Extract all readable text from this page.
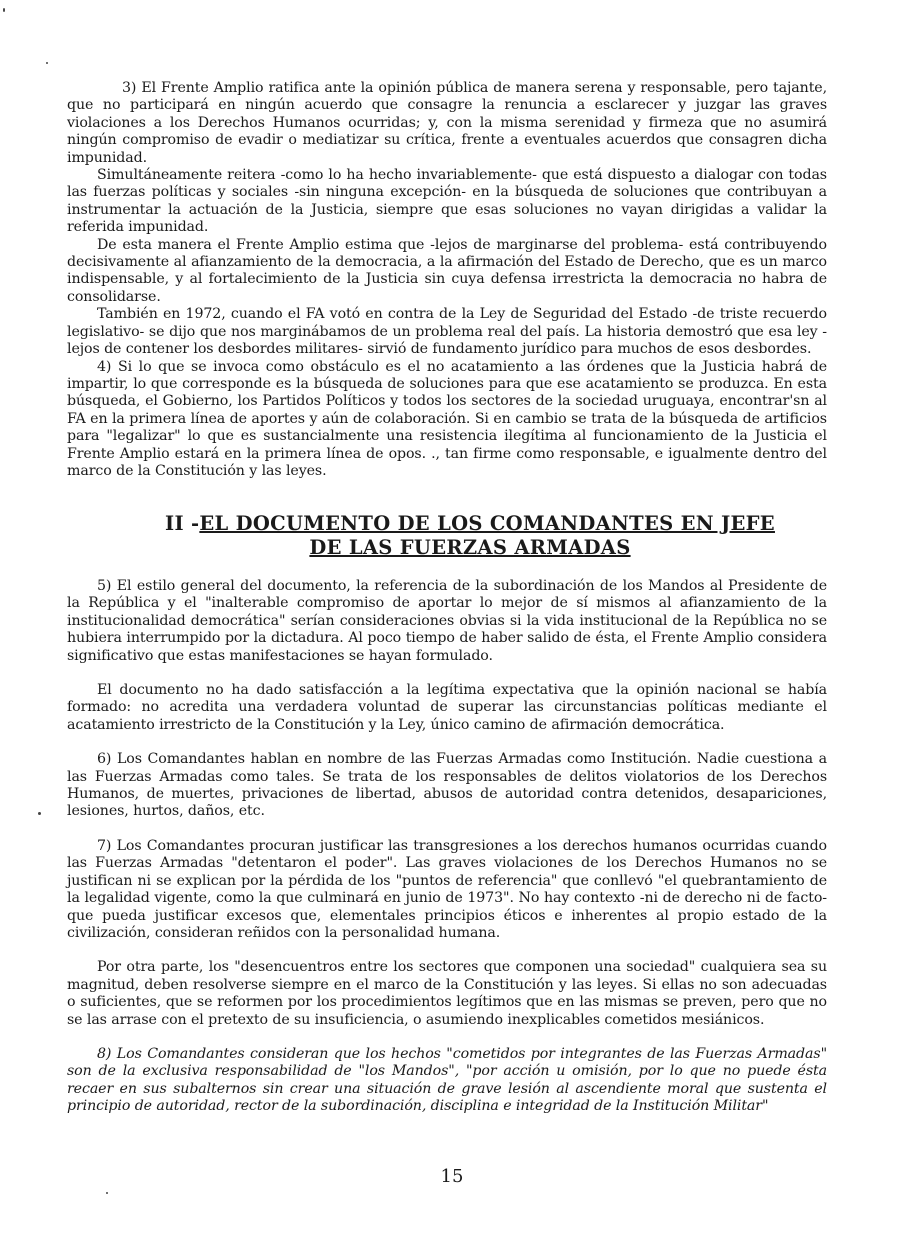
3) El Frente Amplio ratifica ante la opinión pública de manera serena y responsable, pero tajante, que no participará en ningún acuerdo que consagre la renuncia a esclarecer y juzgar las graves violaciones a los Derechos Humanos ocurridas; y, con la misma serenidad y firmeza que no asumirá ningún compromiso de evadir o mediatizar su crítica, frente a eventuales acuerdos que consagren dicha impunidad.

Simultáneamente reitera -como lo ha hecho invariablemente- que está dispuesto a dialogar con todas las fuerzas políticas y sociales -sin ninguna excepción- en la búsqueda de soluciones que contribuyan a instrumentar la actuación de la Justicia, siempre que esas soluciones no vayan dirigidas a validar la referida impunidad.

De esta manera el Frente Amplio estima que -lejos de marginarse del problema- está contribuyendo decisivamente al afianzamiento de la democracia, a la afirmación del Estado de Derecho, que es un marco indispensable, y al fortalecimiento de la Justicia sin cuya defensa irrestricta la democracia no habra de consolidarse.

También en 1972, cuando el FA votó en contra de la Ley de Seguridad del Estado -de triste recuerdo legislativo- se dijo que nos marginábamos de un problema real del país. La historia demostró que esa ley -lejos de contener los desbordes militares- sirvió de fundamento jurídico para muchos de esos desbordes.

4) Si lo que se invoca como obstáculo es el no acatamiento a las órdenes que la Justicia habrá de impartir, lo que corresponde es la búsqueda de soluciones para que ese acatamiento se produzca. En esta búsqueda, el Gobierno, los Partidos Políticos y todos los sectores de la sociedad uruguaya, encontrar'sn al FA en la primera línea de aportes y aún de colaboración. Si en cambio se trata de la búsqueda de artificios para "legalizar" lo que es sustancialmente una resistencia ilegítima al funcionamiento de la Justicia el Frente Amplio estará en la primera línea de opos. ., tan firme como responsable, e igualmente dentro del marco de la Constitución y las leyes.

II -EL DOCUMENTO DE LOS COMANDANTES EN JEFE
DE LAS FUERZAS ARMADAS

5) El estilo general del documento, la referencia de la subordinación de los Mandos al Presidente de la República y el "inalterable compromiso de aportar lo mejor de sí mismos al afianzamiento de la institucionalidad democrática" serían consideraciones obvias si la vida institucional de la República no se hubiera interrumpido por la dictadura. Al poco tiempo de haber salido de ésta, el Frente Amplio considera significativo que estas manifestaciones se hayan formulado.

El documento no ha dado satisfacción a la legítima expectativa que la opinión nacional se había formado: no acredita una verdadera voluntad de superar las circunstancias políticas mediante el acatamiento irrestricto de la Constitución y la Ley, único camino de afirmación democrática.

6) Los Comandantes hablan en nombre de las Fuerzas Armadas como Institución. Nadie cuestiona a las Fuerzas Armadas como tales. Se trata de los responsables de delitos violatorios de los Derechos Humanos, de muertes, privaciones de libertad, abusos de autoridad contra detenidos, desapariciones, lesiones, hurtos, daños, etc.

7) Los Comandantes procuran justificar las transgresiones a los derechos humanos ocurridas cuando las Fuerzas Armadas "detentaron el poder". Las graves violaciones de los Derechos Humanos no se justifican ni se explican por la pérdida de los "puntos de referencia" que conllevó "el quebrantamiento de la legalidad vigente, como la que culminará en junio de 1973". No hay contexto -ni de derecho ni de facto- que pueda justificar excesos que, elementales principios éticos e inherentes al propio estado de la civilización, consideran reñidos con la personalidad humana.

Por otra parte, los "desencuentros entre los sectores que componen una sociedad" cualquiera sea su magnitud, deben resolverse siempre en el marco de la Constitución y las leyes. Si ellas no son adecuadas o suficientes, que se reformen por los procedimientos legítimos que en las mismas se preven, pero que no se las arrase con el pretexto de su insuficiencia, o asumiendo inexplicables cometidos mesiánicos.

8) Los Comandantes consideran que los hechos "cometidos por integrantes de las Fuerzas Armadas" son de la exclusiva responsabilidad de "los Mandos", "por acción u omisión, por lo que no puede ésta recaer en sus subalternos sin crear una situación de grave lesión al ascendiente moral que sustenta el principio de autoridad, rector de la subordinación, disciplina e integridad de la Institución Militar"

15
